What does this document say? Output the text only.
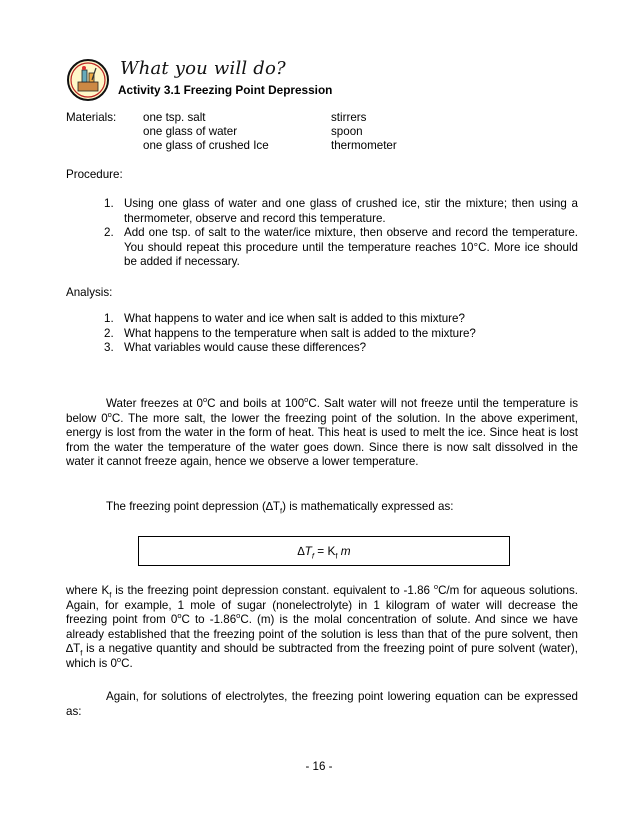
What you will do?
Activity 3.1 Freezing Point Depression
Materials: one tsp. salt
one glass of water
one glass of crushed Ice
stirrers
spoon
thermometer
Procedure:
1. Using one glass of water and one glass of crushed ice, stir the mixture; then using a thermometer, observe and record this temperature.
2. Add one tsp. of salt to the water/ice mixture, then observe and record the temperature. You should repeat this procedure until the temperature reaches 10°C. More ice should be added if necessary.
Analysis:
1. What happens to water and ice when salt is added to this mixture?
2. What happens to the temperature when salt is added to the mixture?
3. What variables would cause these differences?

Water freezes at 0$^o$C and boils at 100$^o$C. Salt water will not freeze until the temperature is below 0$^o$C. The more salt, the lower the freezing point of the solution. In the above experiment, energy is lost from the water in the form of heat. This heat is used to melt the ice. Since heat is lost from the water the temperature of the water goes down. Since there is now salt dissolved in the water it cannot freeze again, hence we observe a lower temperature.

The freezing point depression $(\Delta T_f)$ is mathematically expressed as:

$\Delta T_f = K_f$ m

where $K_f$ is the freezing point depression constant. equivalent to -1.86 $^o$C/m for aqueous solutions. Again, for example, 1 mole of sugar (nonelectrolyte) in 1 kilogram of water will decrease the freezing point from 0$^o$C to -1.86$^o$C. (m) is the molal concentration of solute. And since we have already established that the freezing point of the solution is less than that of the pure solvent, then $\Delta T_f$ is a negative quantity and should be subtracted from the freezing point of pure solvent (water), which is 0$^o$C.

Again, for solutions of electrolytes, the freezing point lowering equation can be expressed as:

- 16 -
